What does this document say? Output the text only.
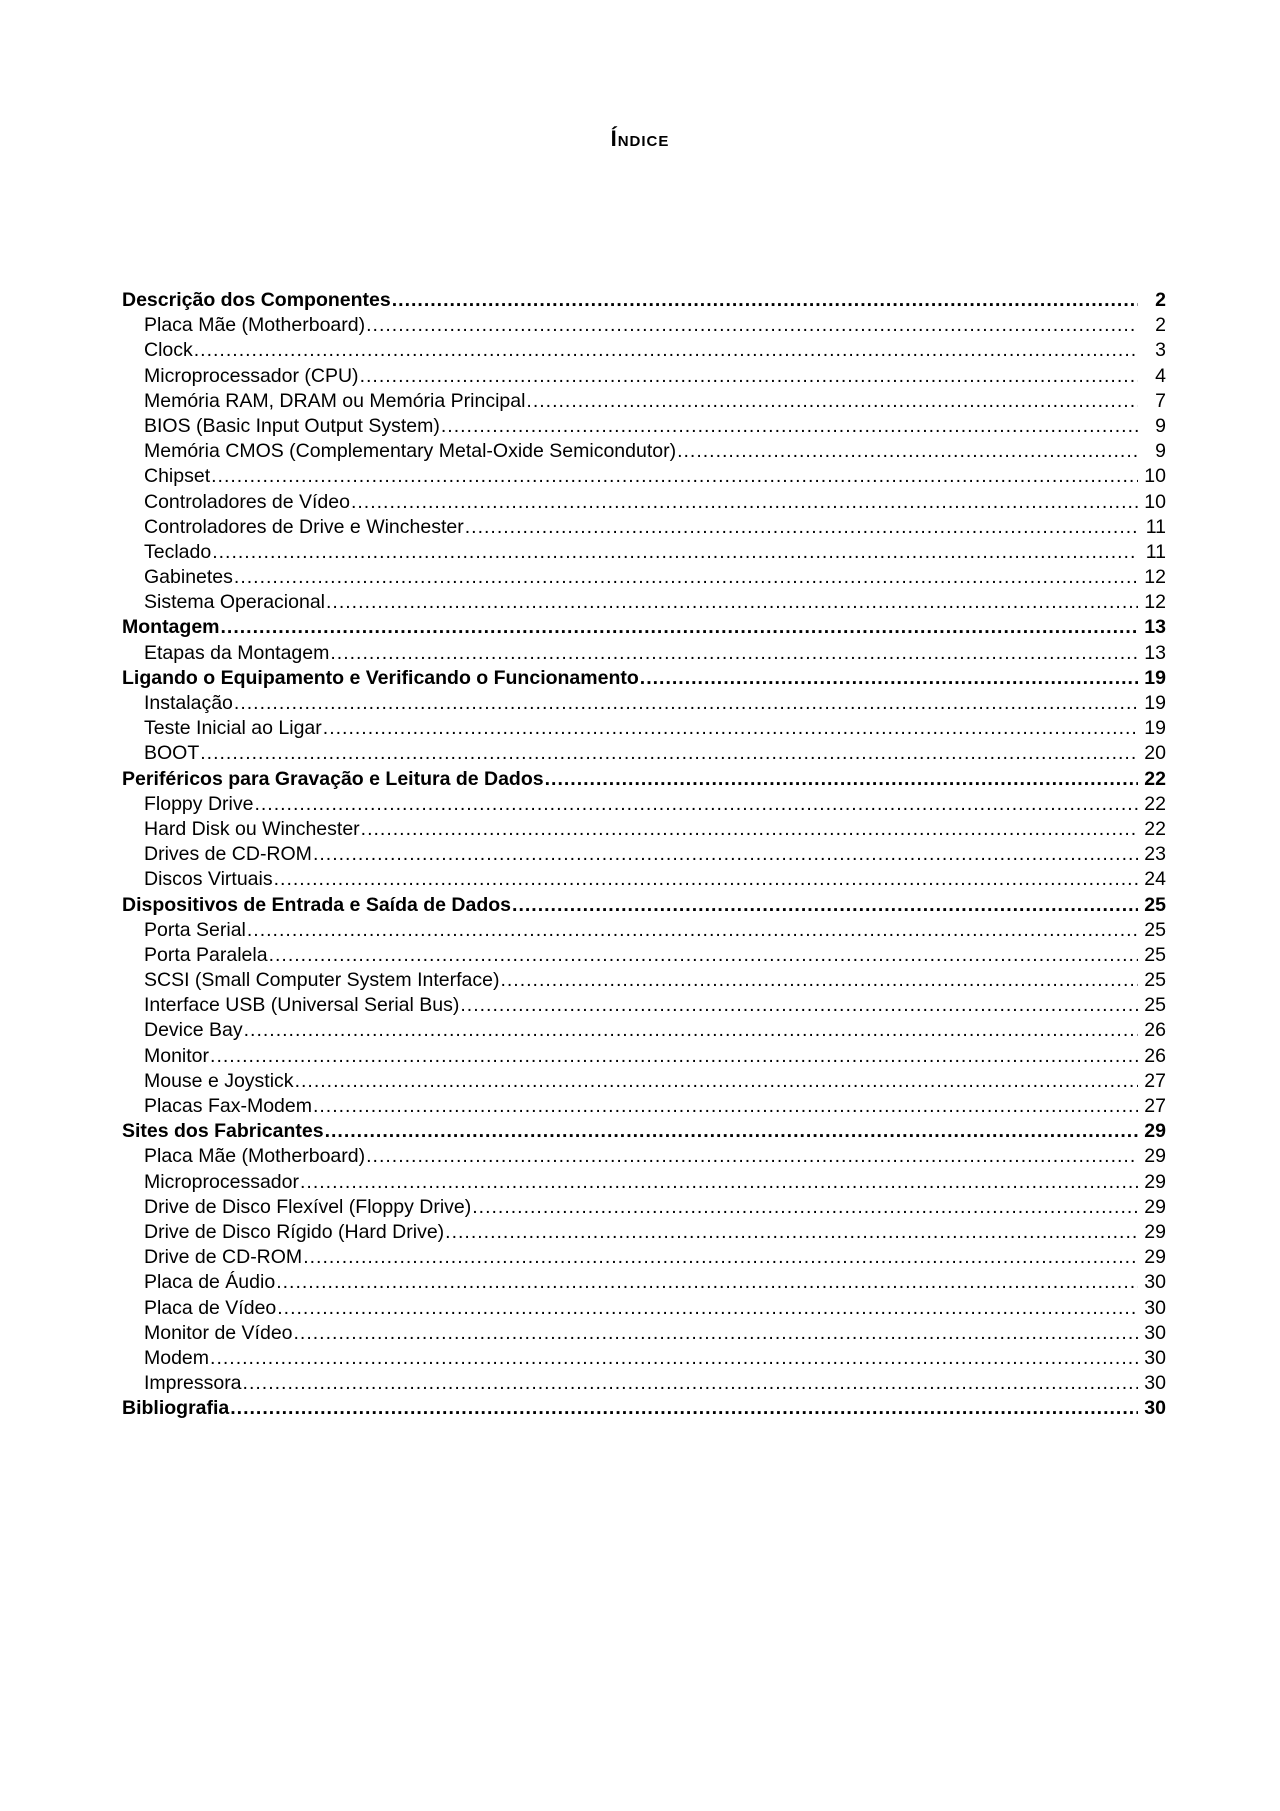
Índice
Descrição dos Componentes .....	2
Placa Mãe (Motherboard) .....	2
Clock .....	3
Microprocessador (CPU) .....	4
Memória RAM, DRAM ou Memória Principal .....	7
BIOS (Basic Input Output System) .....	9
Memória CMOS (Complementary Metal-Oxide Semicondutor) .....	9
Chipset .....	10
Controladores de Vídeo .....	10
Controladores de Drive e Winchester .....	11
Teclado .....	11
Gabinetes .....	12
Sistema Operacional .....	12
Montagem .....	13
Etapas da Montagem .....	13
Ligando o Equipamento e Verificando o Funcionamento .....	19
Instalação .....	19
Teste Inicial ao Ligar .....	19
BOOT .....	20
Periféricos para Gravação e Leitura de Dados .....	22
Floppy Drive .....	22
Hard Disk ou Winchester .....	22
Drives de CD-ROM .....	23
Discos Virtuais .....	24
Dispositivos de Entrada e Saída de Dados .....	25
Porta Serial .....	25
Porta Paralela .....	25
SCSI (Small Computer System Interface) .....	25
Interface USB (Universal Serial Bus) .....	25
Device Bay .....	26
Monitor .....	26
Mouse e Joystick .....	27
Placas Fax-Modem .....	27
Sites dos Fabricantes .....	29
Placa Mãe (Motherboard) .....	29
Microprocessador .....	29
Drive de Disco Flexível (Floppy Drive) .....	29
Drive de Disco Rígido (Hard Drive) .....	29
Drive de CD-ROM .....	29
Placa de Áudio .....	30
Placa de Vídeo .....	30
Monitor de Vídeo .....	30
Modem .....	30
Impressora .....	30
Bibliografia .....	30
